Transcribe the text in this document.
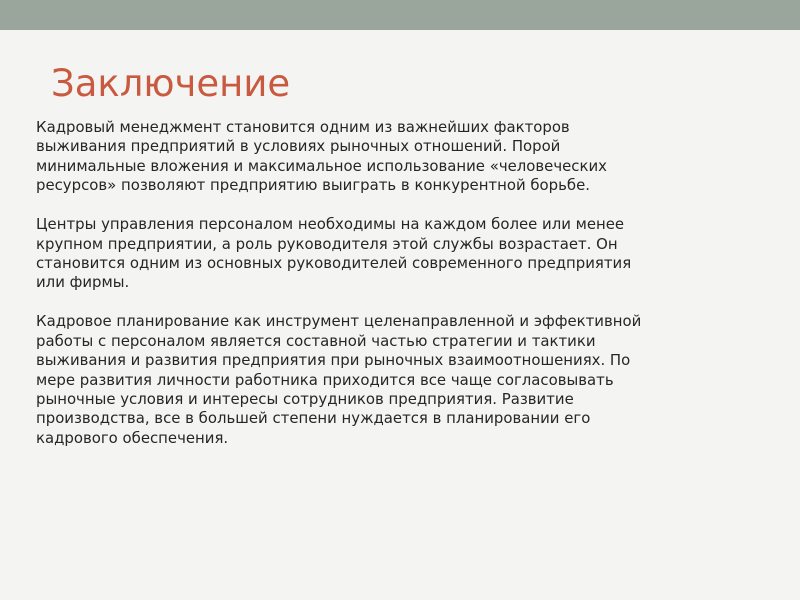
Заключение

Кадровый менеджмент становится одним из важнейших факторов
выживания предприятий в условиях рыночных отношений. Порой
минимальные вложения и максимальное использование «человеческих
ресурсов» позволяют предприятию выиграть в конкурентной борьбе.

Центры управления персоналом необходимы на каждом более или менее
крупном предприятии, а роль руководителя этой службы возрастает. Он
становится одним из основных руководителей современного предприятия
или фирмы.

Кадровое планирование как инструмент целенаправленной и эффективной
работы с персоналом является составной частью стратегии и тактики
выживания и развития предприятия при рыночных взаимоотношениях. По
мере развития личности работника приходится все чаще согласовывать
рыночные условия и интересы сотрудников предприятия. Развитие
производства, все в большей степени нуждается в планировании его
кадрового обеспечения.
